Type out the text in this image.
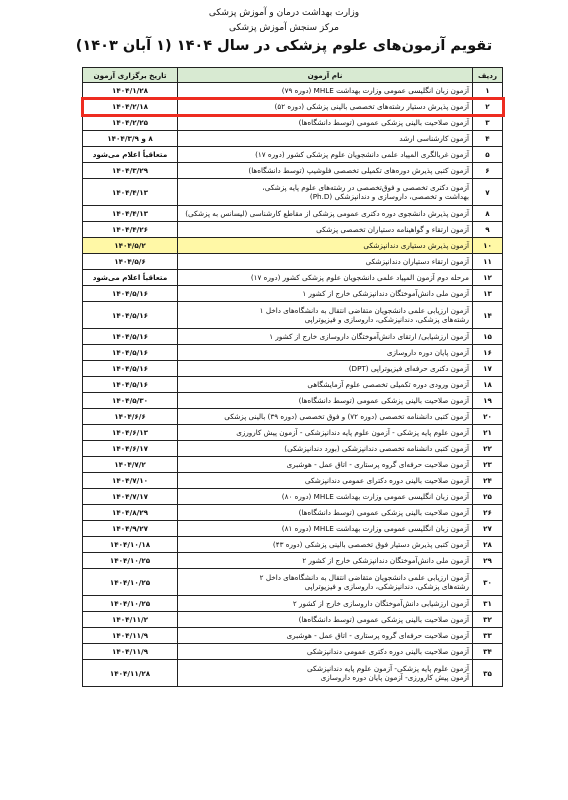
وزارت بهداشت درمان و آموزش پزشکی
مرکز سنجش آموزش پزشکی
تقویم آزمون‌های علوم پزشکی در سال ۱۴۰۴ (۱ آبان ۱۴۰۳)
ردیف	نام آزمون	تاریخ برگزاری آزمون
۱	آزمون زبان انگلیسی عمومی وزارت بهداشت MHLE (دوره ۷۹)	۱۴۰۴/۱/۲۸
۲	آزمون پذیرش دستیار رشته‌های تخصصی بالینی پزشکی (دوره ۵۲)	۱۴۰۴/۲/۱۸
۳	آزمون صلاحیت بالینی پزشکی عمومی (توسط دانشگاه‌ها)	۱۴۰۴/۲/۲۵
۴	آزمون کارشناسی ارشد	۸ و ۱۴۰۴/۳/۹
۵	آزمون غربالگری المپیاد علمی دانشجویان علوم پزشکی کشور (دوره ۱۷)	متعاقباً اعلام می‌شود
۶	آزمون کتبی پذیرش دوره‌های تکمیلی تخصصی فلوشیپ (توسط دانشگاه‌ها)	۱۴۰۴/۳/۲۹
۷	آزمون دکتری تخصصی و فوق‌تخصصی در رشته‌های علوم پایه پزشکی،
بهداشت و تخصصی، داروسازی و دندانپزشکی (Ph.D)	۱۴۰۴/۴/۱۳
۸	آزمون پذیرش دانشجوی دوره دکتری عمومی پزشکی از مقاطع کارشناسی (لیسانس به پزشکی)	۱۴۰۴/۴/۱۳
۹	آزمون ارتقاء و گواهینامه دستیاران تخصصی پزشکی	۱۴۰۴/۴/۲۶
۱۰	آزمون پذیرش دستیاری دندانپزشکی	۱۴۰۴/۵/۲
۱۱	آزمون ارتقاء دستیاران دندانپزشکی	۱۴۰۴/۵/۶
۱۲	مرحله دوم آزمون المپیاد علمی دانشجویان علوم پزشکی کشور (دوره ۱۷)	متعاقباً اعلام می‌شود
۱۳	آزمون ملی دانش‌آموختگان دندانپزشکی خارج از کشور ۱	۱۴۰۴/۵/۱۶
۱۴	آزمون ارزیابی علمی دانشجویان متقاضی انتقال به دانشگاه‌های داخل ۱
رشته‌های پزشکی، دندانپزشکی، داروسازی و فیزیوتراپی	۱۴۰۴/۵/۱۶
۱۵	آزمون ارزشیابی/ ارتقای دانش‌آموختگان داروسازی خارج از کشور ۱	۱۴۰۴/۵/۱۶
۱۶	آزمون پایان دوره داروسازی	۱۴۰۴/۵/۱۶
۱۷	آزمون دکتری حرفه‌ای فیزیوتراپی (DPT)	۱۴۰۴/۵/۱۶
۱۸	آزمون ورودی دوره تکمیلی تخصصی علوم آزمایشگاهی	۱۴۰۴/۵/۱۶
۱۹	آزمون صلاحیت بالینی پزشکی عمومی (توسط دانشگاه‌ها)	۱۴۰۴/۵/۳۰
۲۰	آزمون کتبی دانشنامه تخصصی (دوره ۷۲) و فوق تخصصی (دوره ۳۹) بالینی پزشکی	۱۴۰۴/۶/۶
۲۱	آزمون علوم پایه پزشکی - آزمون علوم پایه دندانپزشکی - آزمون پیش کارورزی	۱۴۰۴/۶/۱۳
۲۲	آزمون کتبی دانشنامه تخصصی دندانپزشکی (بورد دندانپزشکی)	۱۴۰۴/۶/۱۷
۲۳	آزمون صلاحیت حرفه‌ای گروه پرستاری - اتاق عمل - هوشبری	۱۴۰۴/۷/۲
۲۴	آزمون صلاحیت بالینی دوره دکترای عمومی دندانپزشکی	۱۴۰۴/۷/۱۰
۲۵	آزمون زبان انگلیسی عمومی وزارت بهداشت MHLE (دوره ۸۰)	۱۴۰۴/۷/۱۷
۲۶	آزمون صلاحیت بالینی پزشکی عمومی (توسط دانشگاه‌ها)	۱۴۰۴/۸/۲۹
۲۷	آزمون زبان انگلیسی عمومی وزارت بهداشت MHLE (دوره ۸۱)	۱۴۰۴/۹/۲۷
۲۸	آزمون کتبی پذیرش دستیار فوق تخصصی بالینی پزشکی (دوره ۴۳)	۱۴۰۴/۱۰/۱۸
۲۹	آزمون ملی دانش‌آموختگان دندانپزشکی خارج از کشور ۲	۱۴۰۴/۱۰/۲۵
۳۰	آزمون ارزیابی علمی دانشجویان متقاضی انتقال به دانشگاه‌های داخل ۲
رشته‌های پزشکی، دندانپزشکی، داروسازی و فیزیوتراپی	۱۴۰۴/۱۰/۲۵
۳۱	آزمون ارزشیابی دانش‌آموختگان داروسازی خارج از کشور ۲	۱۴۰۴/۱۰/۲۵
۳۲	آزمون صلاحیت بالینی پزشکی عمومی (توسط دانشگاه‌ها)	۱۴۰۴/۱۱/۲
۳۳	آزمون صلاحیت حرفه‌ای گروه پرستاری - اتاق عمل - هوشبری	۱۴۰۴/۱۱/۹
۳۴	آزمون صلاحیت بالینی دوره دکتری عمومی دندانپزشکی	۱۴۰۴/۱۱/۹
۳۵	آزمون علوم پایه پزشکی- آزمون علوم پایه دندانپزشکی
آزمون پیش کارورزی- آزمون پایان دوره داروسازی	۱۴۰۴/۱۱/۲۸
